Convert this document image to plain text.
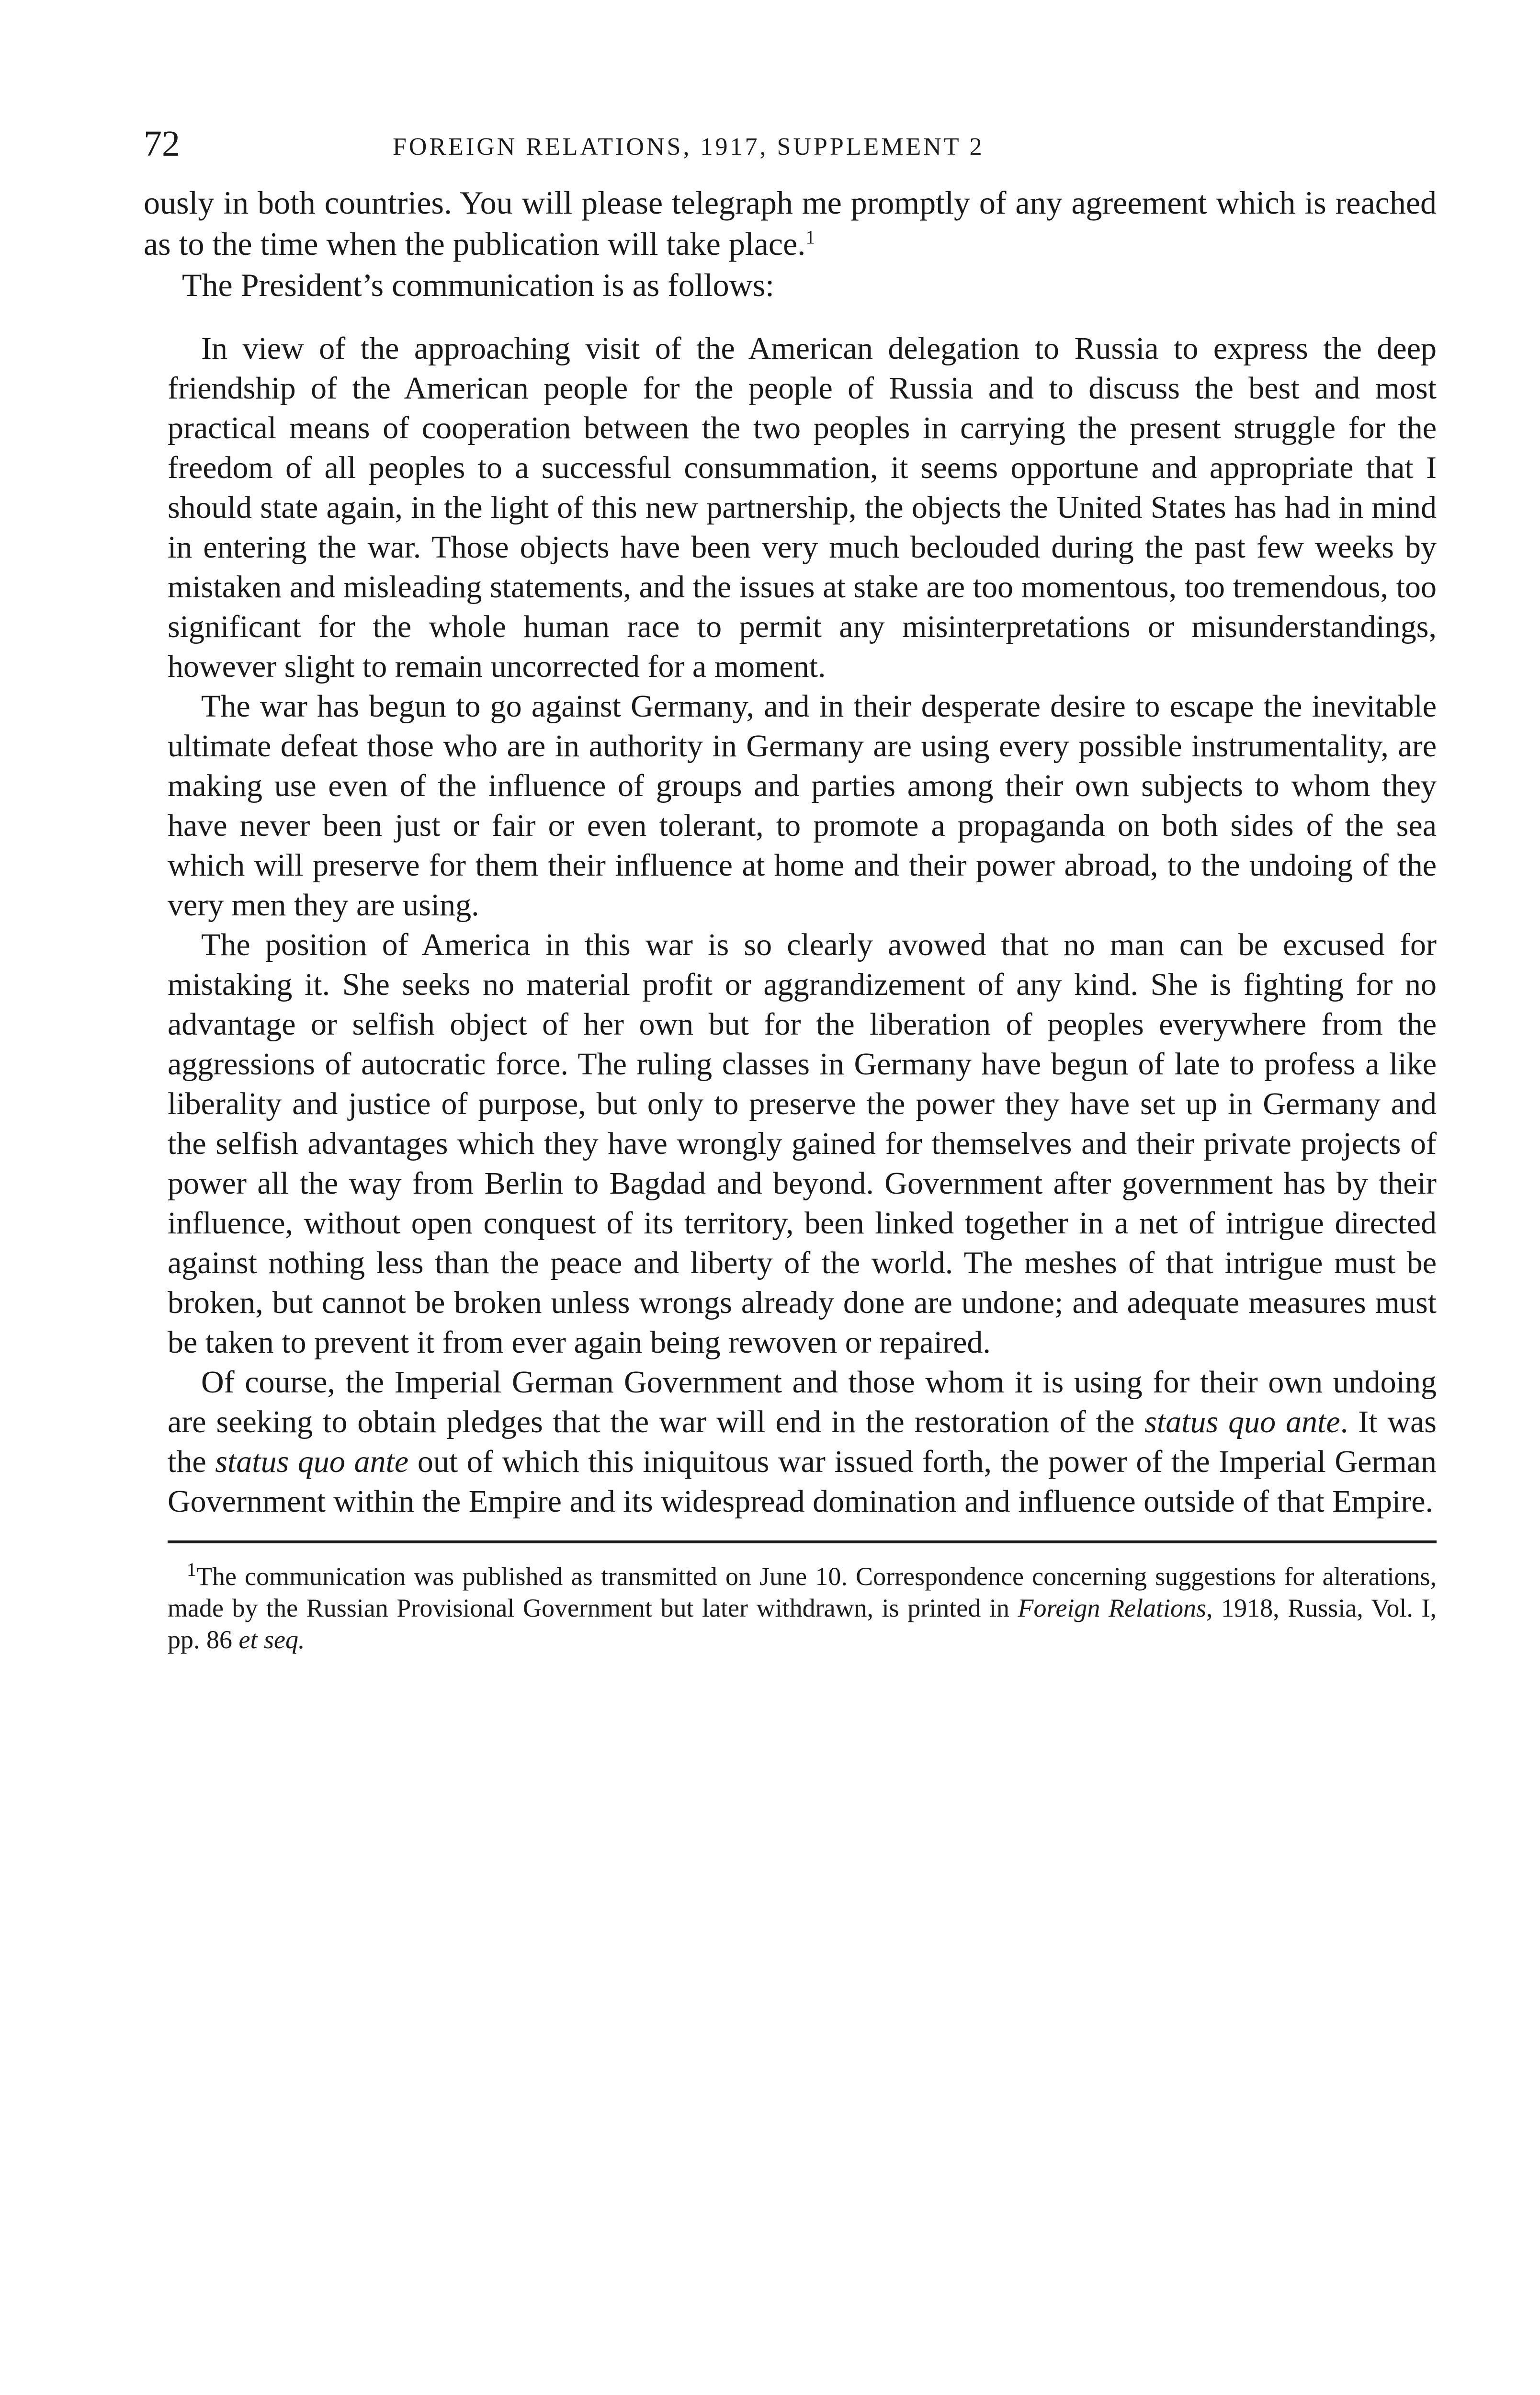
72	FOREIGN RELATIONS, 1917, SUPPLEMENT 2

ously in both countries. You will please telegraph me promptly of any agreement which is reached as to the time when the publication will take place.$^1$

The President’s communication is as follows:

In view of the approaching visit of the American delegation to Russia to express the deep friendship of the American people for the people of Russia and to discuss the best and most practical means of cooperation between the two peoples in carrying the present struggle for the freedom of all peoples to a successful consummation, it seems opportune and appropriate that I should state again, in the light of this new partnership, the objects the United States has had in mind in entering the war. Those objects have been very much beclouded during the past few weeks by mistaken and misleading statements, and the issues at stake are too momentous, too tremendous, too significant for the whole human race to permit any misinterpretations or misunderstandings, however slight to remain uncorrected for a moment.

The war has begun to go against Germany, and in their desperate desire to escape the inevitable ultimate defeat those who are in authority in Germany are using every possible instrumentality, are making use even of the influence of groups and parties among their own subjects to whom they have never been just or fair or even tolerant, to promote a propaganda on both sides of the sea which will preserve for them their influence at home and their power abroad, to the undoing of the very men they are using.

The position of America in this war is so clearly avowed that no man can be excused for mistaking it. She seeks no material profit or aggrandizement of any kind. She is fighting for no advantage or selfish object of her own but for the liberation of peoples everywhere from the aggressions of autocratic force. The ruling classes in Germany have begun of late to profess a like liberality and justice of purpose, but only to preserve the power they have set up in Germany and the selfish advantages which they have wrongly gained for themselves and their private projects of power all the way from Berlin to Bagdad and beyond. Government after government has by their influence, without open conquest of its territory, been linked together in a net of intrigue directed against nothing less than the peace and liberty of the world. The meshes of that intrigue must be broken, but cannot be broken unless wrongs already done are undone; and adequate measures must be taken to prevent it from ever again being rewoven or repaired.

Of course, the Imperial German Government and those whom it is using for their own undoing are seeking to obtain pledges that the war will end in the restoration of the status quo ante. It was the status quo ante out of which this iniquitous war issued forth, the power of the Imperial German Government within the Empire and its widespread domination and influence outside of that Empire.

$^1$The communication was published as transmitted on June 10. Correspondence concerning suggestions for alterations, made by the Russian Provisional Government but later withdrawn, is printed in Foreign Relations, 1918, Russia, Vol. I, pp. 86 et seq.
